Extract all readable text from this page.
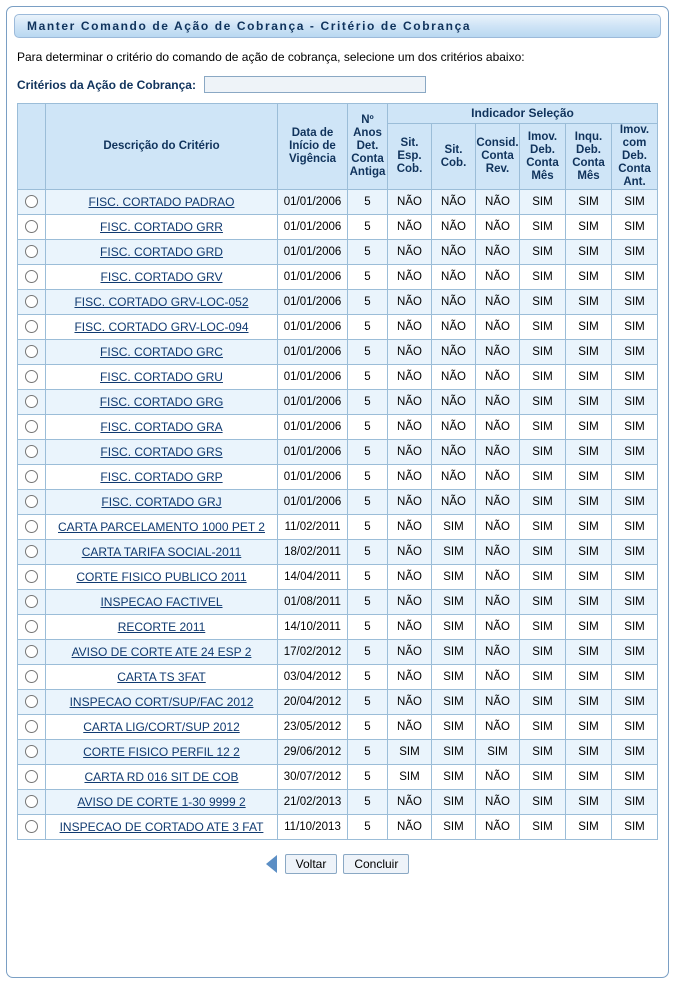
Manter Comando de Ação de Cobrança - Critério de Cobrança
Para determinar o critério do comando de ação de cobrança, selecione um dos critérios abaixo:
Critérios da Ação de Cobrança:
	Descrição do Critério	Data de Início de Vigência	Nº Anos Det. Conta Antiga	Indicador Seleção					
				Sit. Esp. Cob.	Sit. Cob.	Consid. Conta Rev.	Imov. Deb. Conta Mês	Inqu. Deb. Conta Mês	Imov. com Deb. Conta Ant.
	FISC. CORTADO PADRAO	01/01/2006	5	NÃO	NÃO	NÃO	SIM	SIM	SIM
	FISC. CORTADO GRR	01/01/2006	5	NÃO	NÃO	NÃO	SIM	SIM	SIM
	FISC. CORTADO GRD	01/01/2006	5	NÃO	NÃO	NÃO	SIM	SIM	SIM
	FISC. CORTADO GRV	01/01/2006	5	NÃO	NÃO	NÃO	SIM	SIM	SIM
	FISC. CORTADO GRV-LOC-052	01/01/2006	5	NÃO	NÃO	NÃO	SIM	SIM	SIM
	FISC. CORTADO GRV-LOC-094	01/01/2006	5	NÃO	NÃO	NÃO	SIM	SIM	SIM
	FISC. CORTADO GRC	01/01/2006	5	NÃO	NÃO	NÃO	SIM	SIM	SIM
	FISC. CORTADO GRU	01/01/2006	5	NÃO	NÃO	NÃO	SIM	SIM	SIM
	FISC. CORTADO GRG	01/01/2006	5	NÃO	NÃO	NÃO	SIM	SIM	SIM
	FISC. CORTADO GRA	01/01/2006	5	NÃO	NÃO	NÃO	SIM	SIM	SIM
	FISC. CORTADO GRS	01/01/2006	5	NÃO	NÃO	NÃO	SIM	SIM	SIM
	FISC. CORTADO GRP	01/01/2006	5	NÃO	NÃO	NÃO	SIM	SIM	SIM
	FISC. CORTADO GRJ	01/01/2006	5	NÃO	NÃO	NÃO	SIM	SIM	SIM
	CARTA PARCELAMENTO 1000 PET 2	11/02/2011	5	NÃO	SIM	NÃO	SIM	SIM	SIM
	CARTA TARIFA SOCIAL-2011	18/02/2011	5	NÃO	SIM	NÃO	SIM	SIM	SIM
	CORTE FISICO PUBLICO 2011	14/04/2011	5	NÃO	SIM	NÃO	SIM	SIM	SIM
	INSPECAO FACTIVEL	01/08/2011	5	NÃO	SIM	NÃO	SIM	SIM	SIM
	RECORTE 2011	14/10/2011	5	NÃO	SIM	NÃO	SIM	SIM	SIM
	AVISO DE CORTE ATE 24 ESP 2	17/02/2012	5	NÃO	SIM	NÃO	SIM	SIM	SIM
	CARTA TS 3FAT	03/04/2012	5	NÃO	SIM	NÃO	SIM	SIM	SIM
	INSPECAO CORT/SUP/FAC 2012	20/04/2012	5	NÃO	SIM	NÃO	SIM	SIM	SIM
	CARTA LIG/CORT/SUP 2012	23/05/2012	5	NÃO	SIM	NÃO	SIM	SIM	SIM
	CORTE FISICO PERFIL 12 2	29/06/2012	5	SIM	SIM	SIM	SIM	SIM	SIM
	CARTA RD 016 SIT DE COB	30/07/2012	5	SIM	SIM	NÃO	SIM	SIM	SIM
	AVISO DE CORTE 1-30 9999 2	21/02/2013	5	NÃO	SIM	NÃO	SIM	SIM	SIM
	INSPECAO DE CORTADO ATE 3 FAT	11/10/2013	5	NÃO	SIM	NÃO	SIM	SIM	SIM
Voltar	Concluir
